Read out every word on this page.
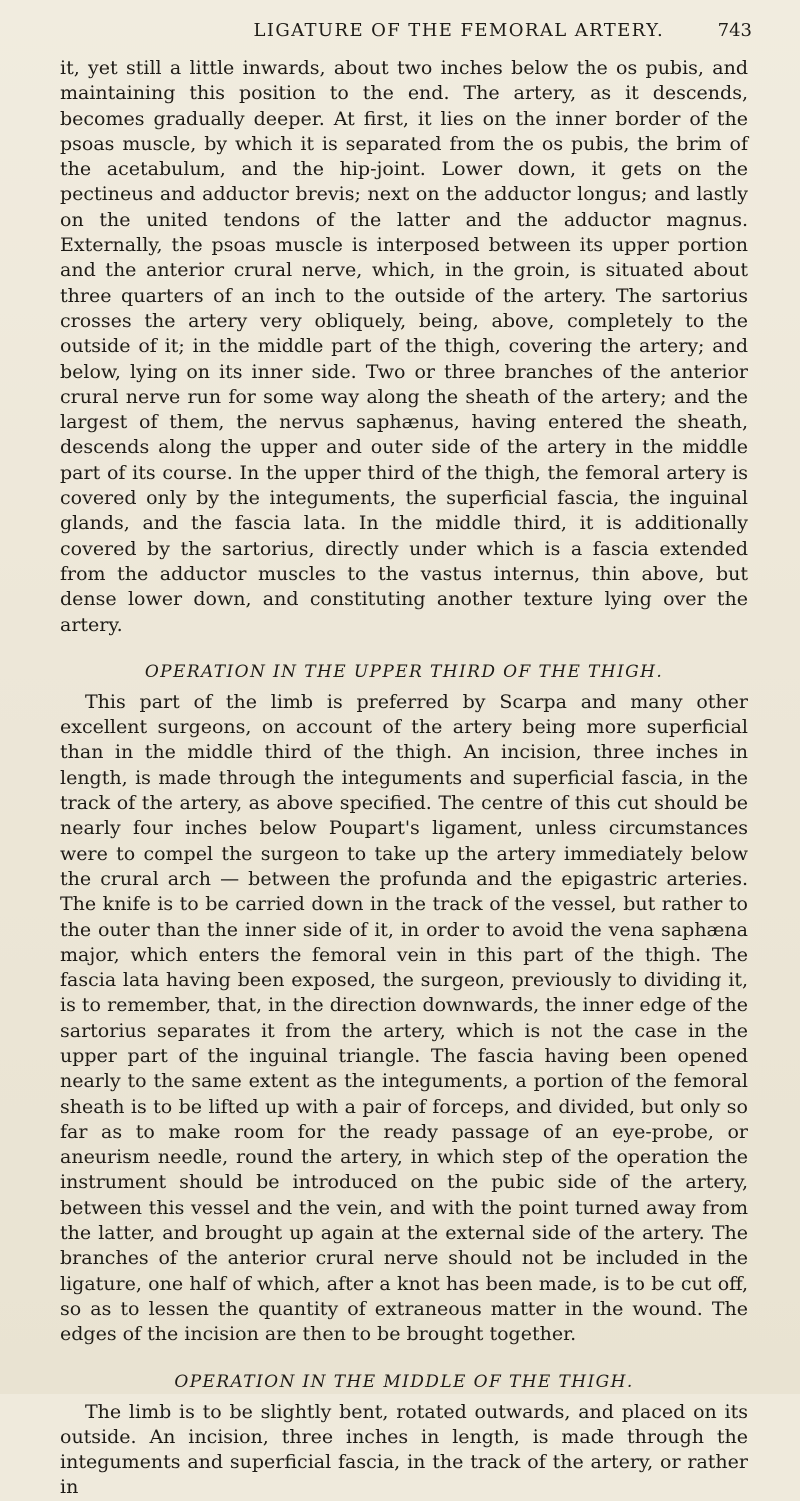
LIGATURE OF THE FEMORAL ARTERY.	743

it, yet still a little inwards, about two inches below the os pubis, and maintaining this position to the end. The artery, as it descends, becomes gradually deeper. At first, it lies on the inner border of the psoas muscle, by which it is separated from the os pubis, the brim of the acetabulum, and the hip-joint. Lower down, it gets on the pectineus and adductor brevis; next on the adductor longus; and lastly on the united tendons of the latter and the adductor magnus. Externally, the psoas muscle is interposed between its upper portion and the anterior crural nerve, which, in the groin, is situated about three quarters of an inch to the outside of the artery. The sartorius crosses the artery very obliquely, being, above, completely to the outside of it; in the middle part of the thigh, covering the artery; and below, lying on its inner side. Two or three branches of the anterior crural nerve run for some way along the sheath of the artery; and the largest of them, the nervus saphænus, having entered the sheath, descends along the upper and outer side of the artery in the middle part of its course. In the upper third of the thigh, the femoral artery is covered only by the integuments, the superficial fascia, the inguinal glands, and the fascia lata. In the middle third, it is additionally covered by the sartorius, directly under which is a fascia extended from the adductor muscles to the vastus internus, thin above, but dense lower down, and constituting another texture lying over the artery.

OPERATION IN THE UPPER THIRD OF THE THIGH.

This part of the limb is preferred by Scarpa and many other excellent surgeons, on account of the artery being more superficial than in the middle third of the thigh. An incision, three inches in length, is made through the integuments and superficial fascia, in the track of the artery, as above specified. The centre of this cut should be nearly four inches below Poupart's ligament, unless circumstances were to compel the surgeon to take up the artery immediately below the crural arch — between the profunda and the epigastric arteries. The knife is to be carried down in the track of the vessel, but rather to the outer than the inner side of it, in order to avoid the vena saphæna major, which enters the femoral vein in this part of the thigh. The fascia lata having been exposed, the surgeon, previously to dividing it, is to remember, that, in the direction downwards, the inner edge of the sartorius separates it from the artery, which is not the case in the upper part of the inguinal triangle. The fascia having been opened nearly to the same extent as the integuments, a portion of the femoral sheath is to be lifted up with a pair of forceps, and divided, but only so far as to make room for the ready passage of an eye-probe, or aneurism needle, round the artery, in which step of the operation the instrument should be introduced on the pubic side of the artery, between this vessel and the vein, and with the point turned away from the latter, and brought up again at the external side of the artery. The branches of the anterior crural nerve should not be included in the ligature, one half of which, after a knot has been made, is to be cut off, so as to lessen the quantity of extraneous matter in the wound. The edges of the incision are then to be brought together.

OPERATION IN THE MIDDLE OF THE THIGH.

The limb is to be slightly bent, rotated outwards, and placed on its outside. An incision, three inches in length, is made through the integuments and superficial fascia, in the track of the artery, or rather in
